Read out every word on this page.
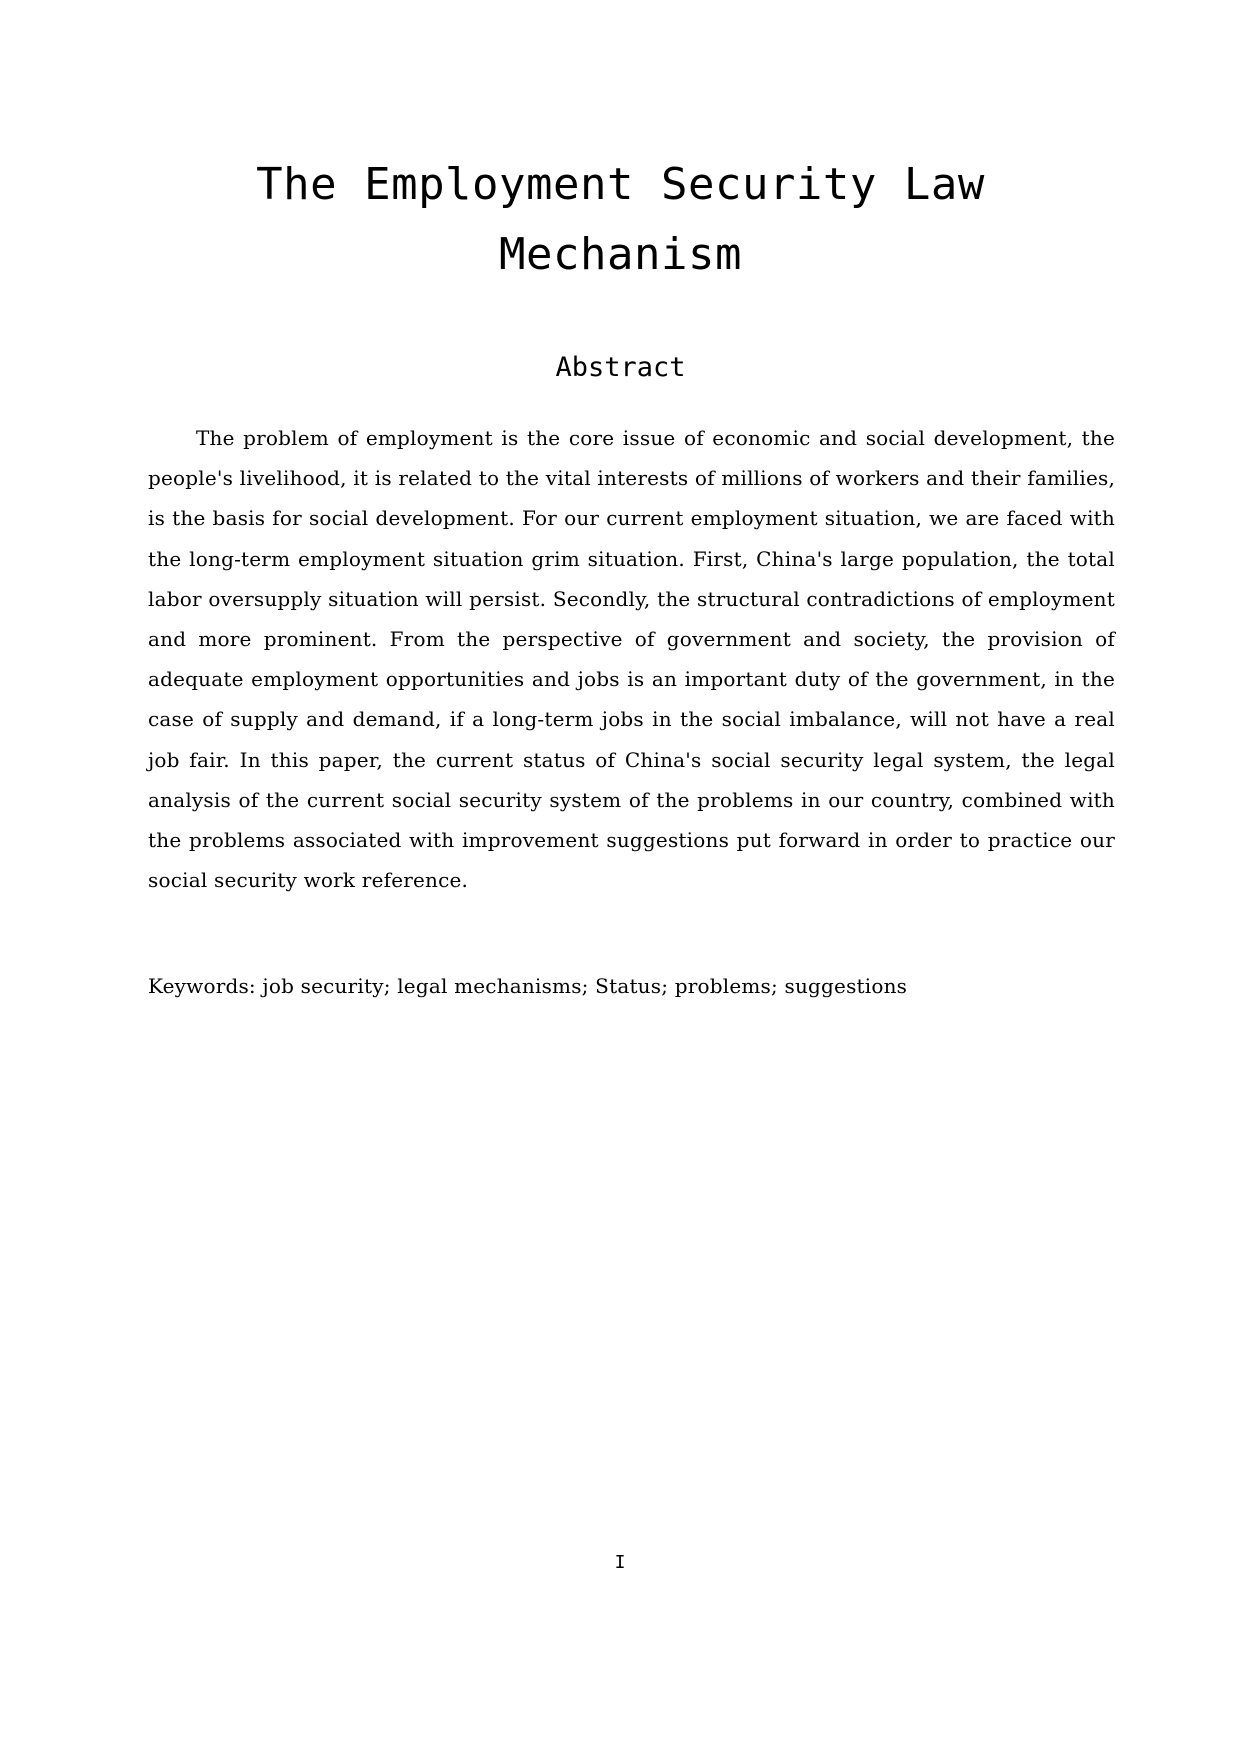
The Employment Security Law
Mechanism
Abstract

The problem of employment is the core issue of economic and social development, the people's livelihood, it is related to the vital interests of millions of workers and their families, is the basis for social development. For our current employment situation, we are faced with the long-term employment situation grim situation. First, China's large population, the total labor oversupply situation will persist. Secondly, the structural contradictions of employment and more prominent. From the perspective of government and society, the provision of adequate employment opportunities and jobs is an important duty of the government, in the case of supply and demand, if a long-term jobs in the social imbalance, will not have a real job fair. In this paper, the current status of China's social security legal system, the legal analysis of the current social security system of the problems in our country, combined with the problems associated with improvement suggestions put forward in order to practice our social security work reference.

Keywords: job security; legal mechanisms; Status; problems; suggestions

I
